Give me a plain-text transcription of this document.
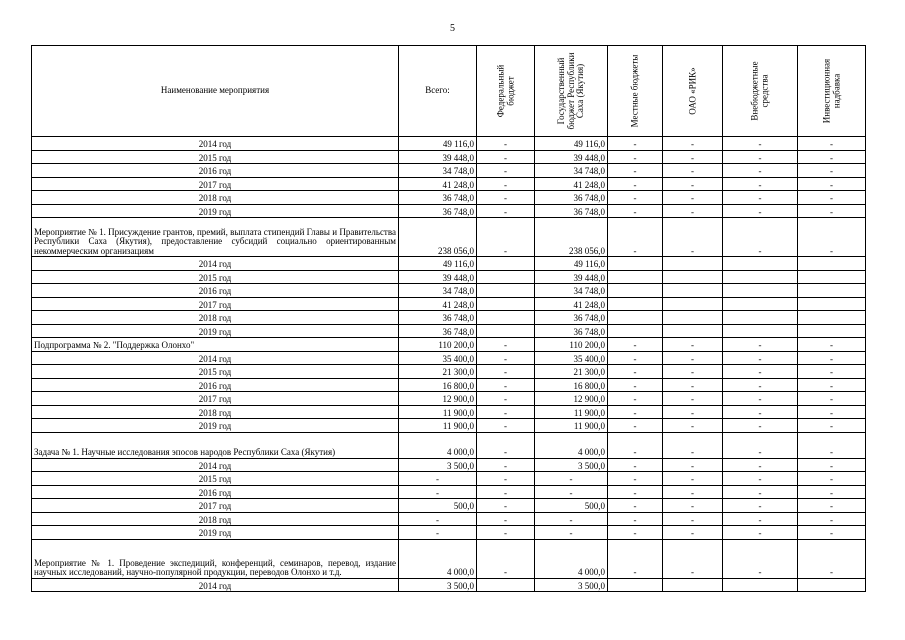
5
Наименование мероприятия	Всего:	Федеральный бюджет	Государственный бюджет Республики Саха (Якутия)	Местные бюджеты	ОАО «РИК»	Внебюджетные средства	Инвестиционная надбавка

2014 год	49 116,0	-	49 116,0	-	-	-	-
2015 год	39 448,0	-	39 448,0	-	-	-	-
2016 год	34 748,0	-	34 748,0	-	-	-	-
2017 год	41 248,0	-	41 248,0	-	-	-	-
2018 год	36 748,0	-	36 748,0	-	-	-	-
2019 год	36 748,0	-	36 748,0	-	-	-	-
Мероприятие № 1. Присуждение грантов, премий, выплата стипендий Главы и Правительства Республики Саха (Якутия), предоставление субсидий социально ориентированным некоммерческим организациям	238 056,0	-	238 056,0	-	-	-	-
2014 год	49 116,0		49 116,0				
2015 год	39 448,0		39 448,0				
2016 год	34 748,0		34 748,0				
2017 год	41 248,0		41 248,0				
2018 год	36 748,0		36 748,0				
2019 год	36 748,0		36 748,0				
Подпрограмма № 2. "Поддержка Олонхо"	110 200,0	-	110 200,0	-	-	-	-
2014 год	35 400,0	-	35 400,0	-	-	-	-
2015 год	21 300,0	-	21 300,0	-	-	-	-
2016 год	16 800,0	-	16 800,0	-	-	-	-
2017 год	12 900,0	-	12 900,0	-	-	-	-
2018 год	11 900,0	-	11 900,0	-	-	-	-
2019 год	11 900,0	-	11 900,0	-	-	-	-
Задача № 1. Научные исследования эпосов народов Республики Саха (Якутия)	4 000,0	-	4 000,0	-	-	-	-
2014 год	3 500,0	-	3 500,0	-	-	-	-
2015 год	-	-	-	-	-	-	-
2016 год	-	-	-	-	-	-	-
2017 год	500,0	-	500,0	-	-	-	-
2018 год	-	-	-	-	-	-	-
2019 год	-	-	-	-	-	-	-
Мероприятие № 1. Проведение экспедиций, конференций, семинаров, перевод, издание научных исследований, научно-популярной продукции, переводов Олонхо и т.д.	4 000,0	-	4 000,0	-	-	-	-
2014 год	3 500,0		3 500,0				
